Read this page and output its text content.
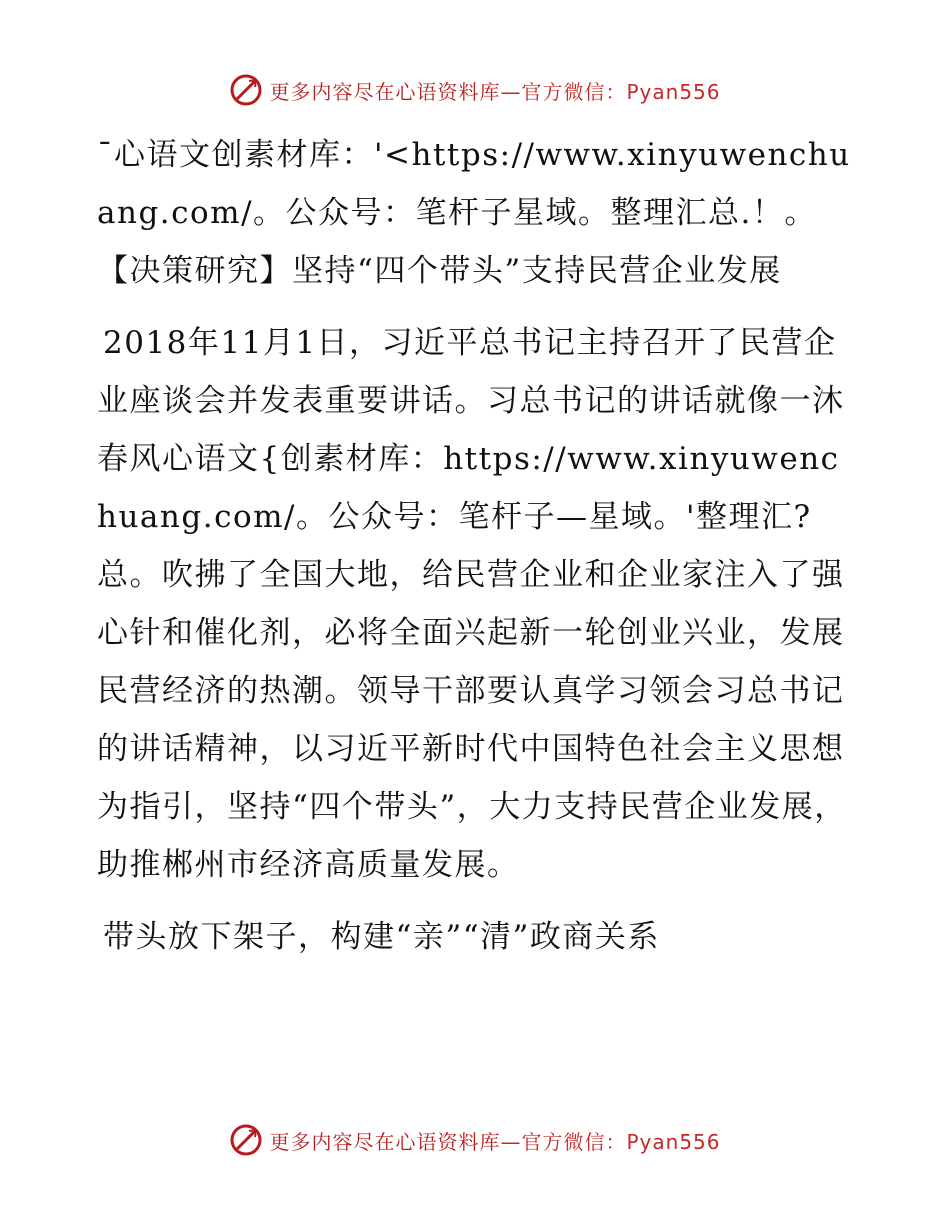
更多内容尽在心语资料库—官方微信：Pyan556

¯心语文创素材库：'<https://www.xinyuwenchuang.com/。公众号：笔杆子星域。整理汇总.！。【决策研究】坚持“四个带头”支持民营企业发展

2018年11月1日，习近平总书记主持召开了民营企业座谈会并发表重要讲话。习总书记的讲话就像一沐春风心语文{创素材库：https://www.xinyuwenchuang.com/。公众号：笔杆子—星域。'整理汇?总。吹拂了全国大地，给民营企业和企业家注入了强心针和催化剂，必将全面兴起新一轮创业兴业，发展民营经济的热潮。领导干部要认真学习领会习总书记的讲话精神，以习近平新时代中国特色社会主义思想为指引，坚持“四个带头”，大力支持民营企业发展，助推郴州市经济高质量发展。

带头放下架子，构建“亲”“清”政商关系

更多内容尽在心语资料库—官方微信：Pyan556
